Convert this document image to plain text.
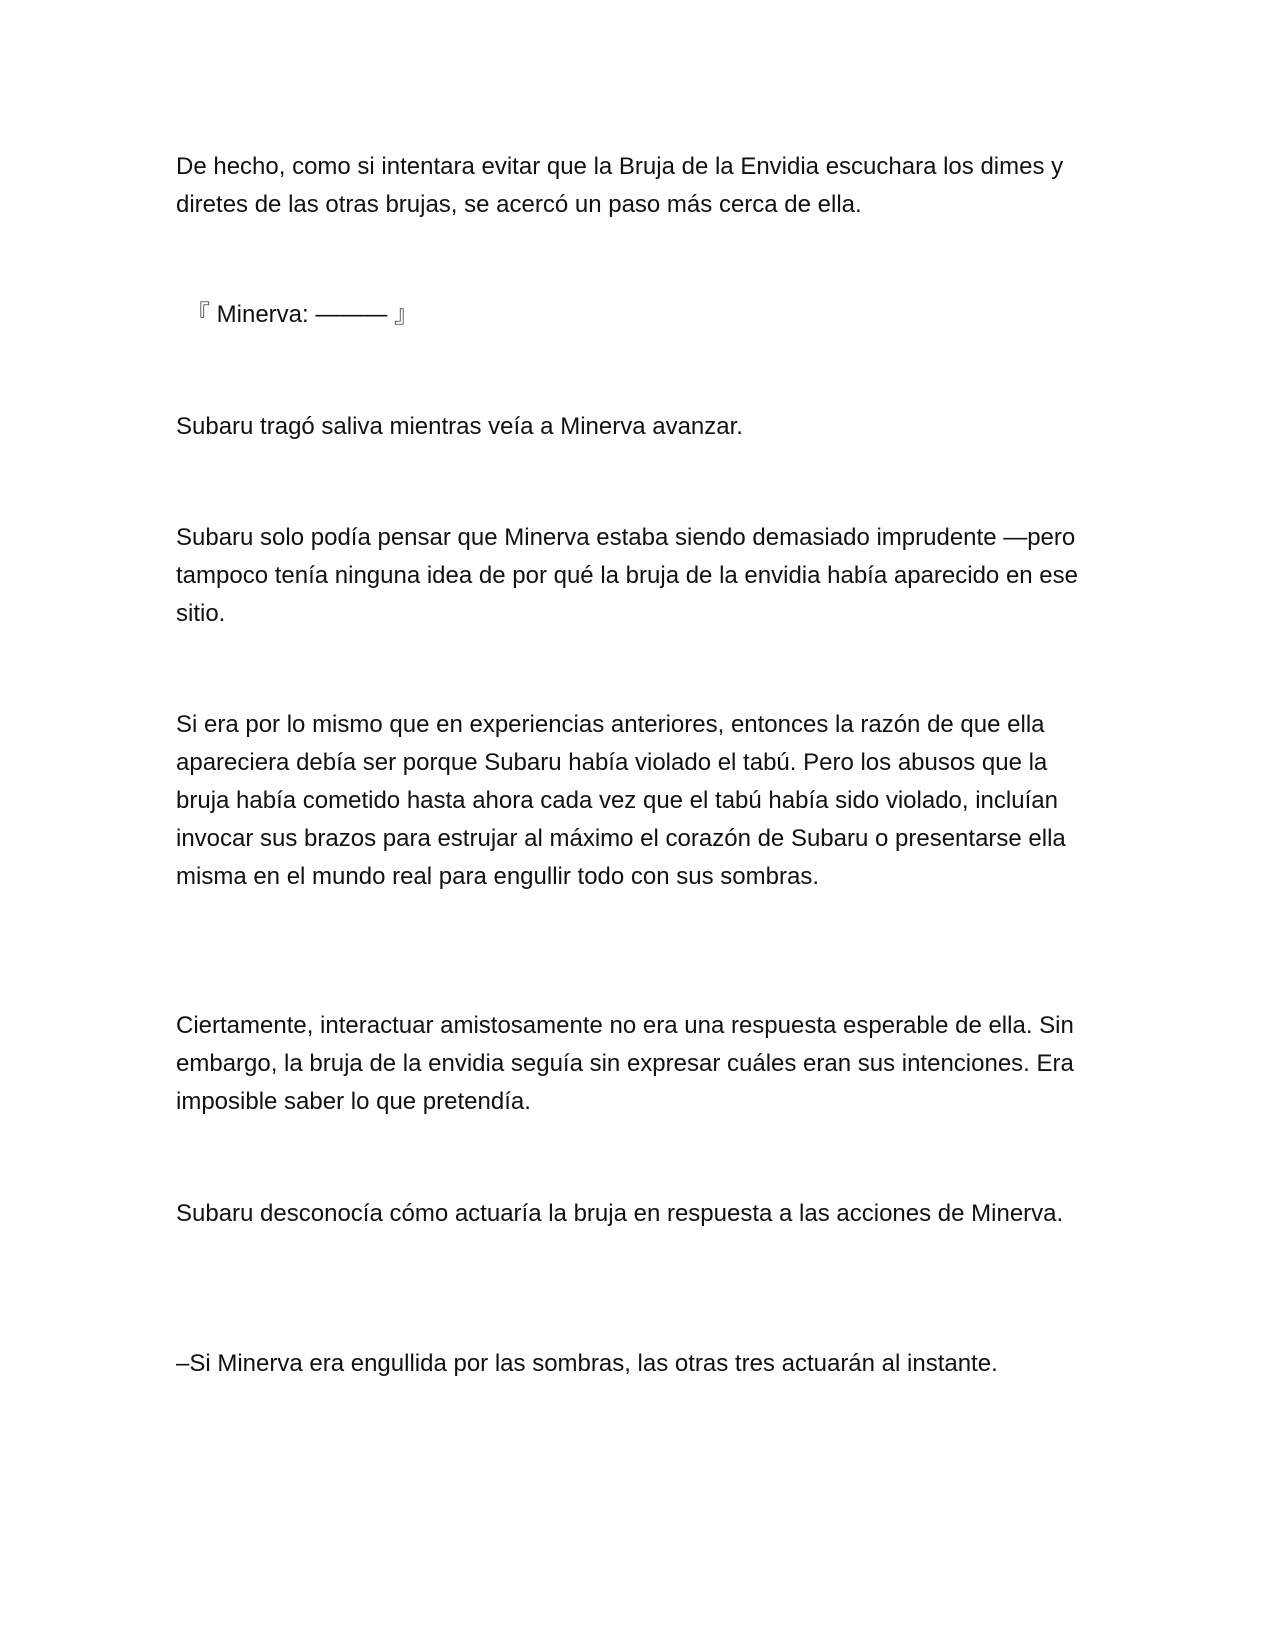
De hecho, como si intentara evitar que la Bruja de la Envidia escuchara los dimes y diretes de las otras brujas, se acercó un paso más cerca de ella.

『 Minerva: ——— 』

Subaru tragó saliva mientras veía a Minerva avanzar.

Subaru solo podía pensar que Minerva estaba siendo demasiado imprudente —pero tampoco tenía ninguna idea de por qué la bruja de la envidia había aparecido en ese sitio.

Si era por lo mismo que en experiencias anteriores, entonces la razón de que ella apareciera debía ser porque Subaru había violado el tabú. Pero los abusos que la bruja había cometido hasta ahora cada vez que el tabú había sido violado, incluían invocar sus brazos para estrujar al máximo el corazón de Subaru o presentarse ella misma en el mundo real para engullir todo con sus sombras.

Ciertamente, interactuar amistosamente no era una respuesta esperable de ella. Sin embargo, la bruja de la envidia seguía sin expresar cuáles eran sus intenciones. Era imposible saber lo que pretendía.

Subaru desconocía cómo actuaría la bruja en respuesta a las acciones de Minerva.

–Si Minerva era engullida por las sombras, las otras tres actuarán al instante.
